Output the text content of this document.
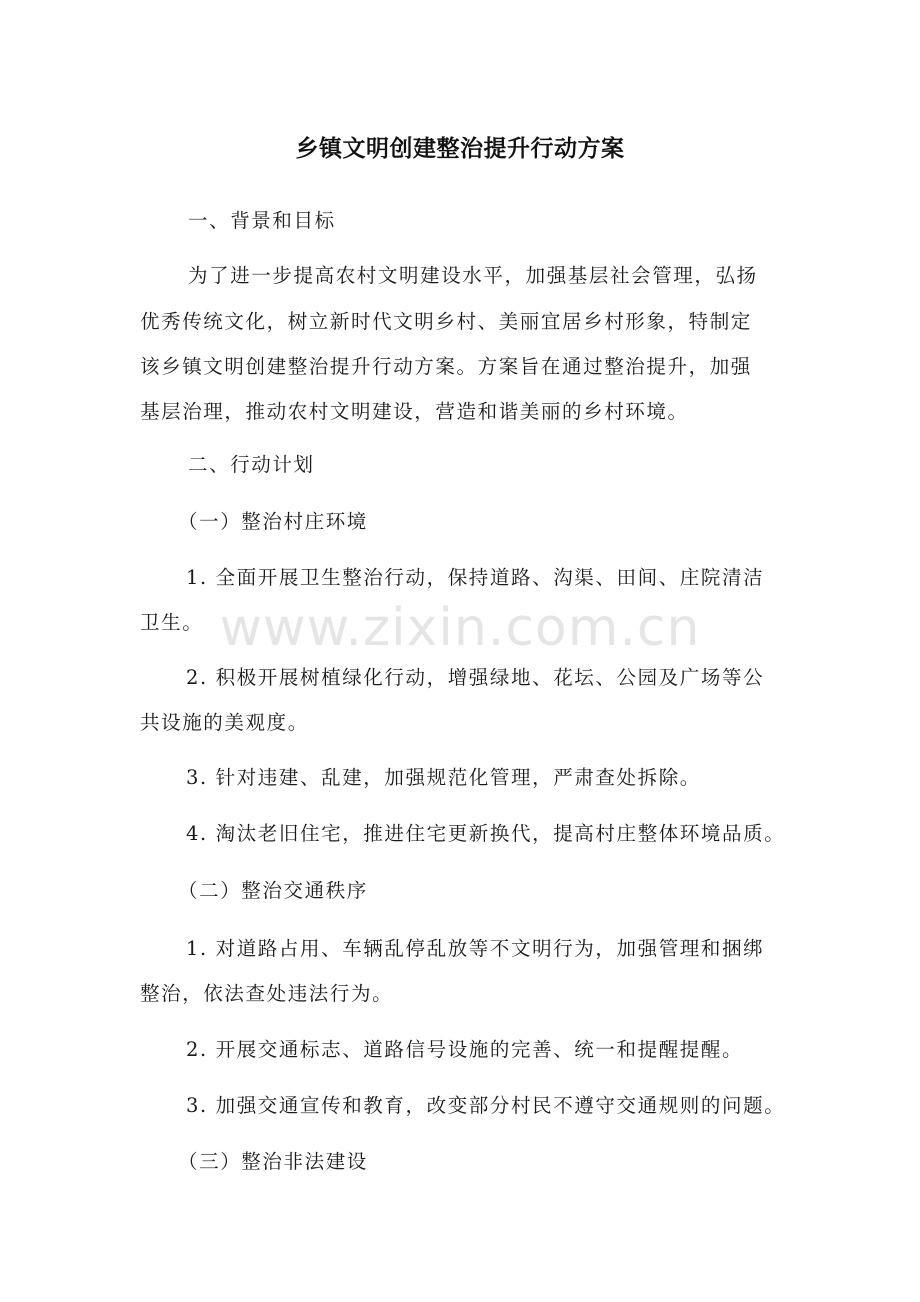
乡镇文明创建整治提升行动方案
一、背景和目标
为了进一步提高农村文明建设水平，加强基层社会管理，弘扬
优秀传统文化，树立新时代文明乡村、美丽宜居乡村形象，特制定
该乡镇文明创建整治提升行动方案。方案旨在通过整治提升，加强
基层治理，推动农村文明建设，营造和谐美丽的乡村环境。
二、行动计划
（一）整治村庄环境
1. 全面开展卫生整治行动，保持道路、沟渠、田间、庄院清洁
卫生。
2. 积极开展树植绿化行动，增强绿地、花坛、公园及广场等公
共设施的美观度。
3. 针对违建、乱建，加强规范化管理，严肃查处拆除。
4. 淘汰老旧住宅，推进住宅更新换代，提高村庄整体环境品质。
（二）整治交通秩序
1. 对道路占用、车辆乱停乱放等不文明行为，加强管理和捆绑
整治，依法查处违法行为。
2. 开展交通标志、道路信号设施的完善、统一和提醒提醒。
3. 加强交通宣传和教育，改变部分村民不遵守交通规则的问题。
（三）整治非法建设
www.zixin.com.cn
